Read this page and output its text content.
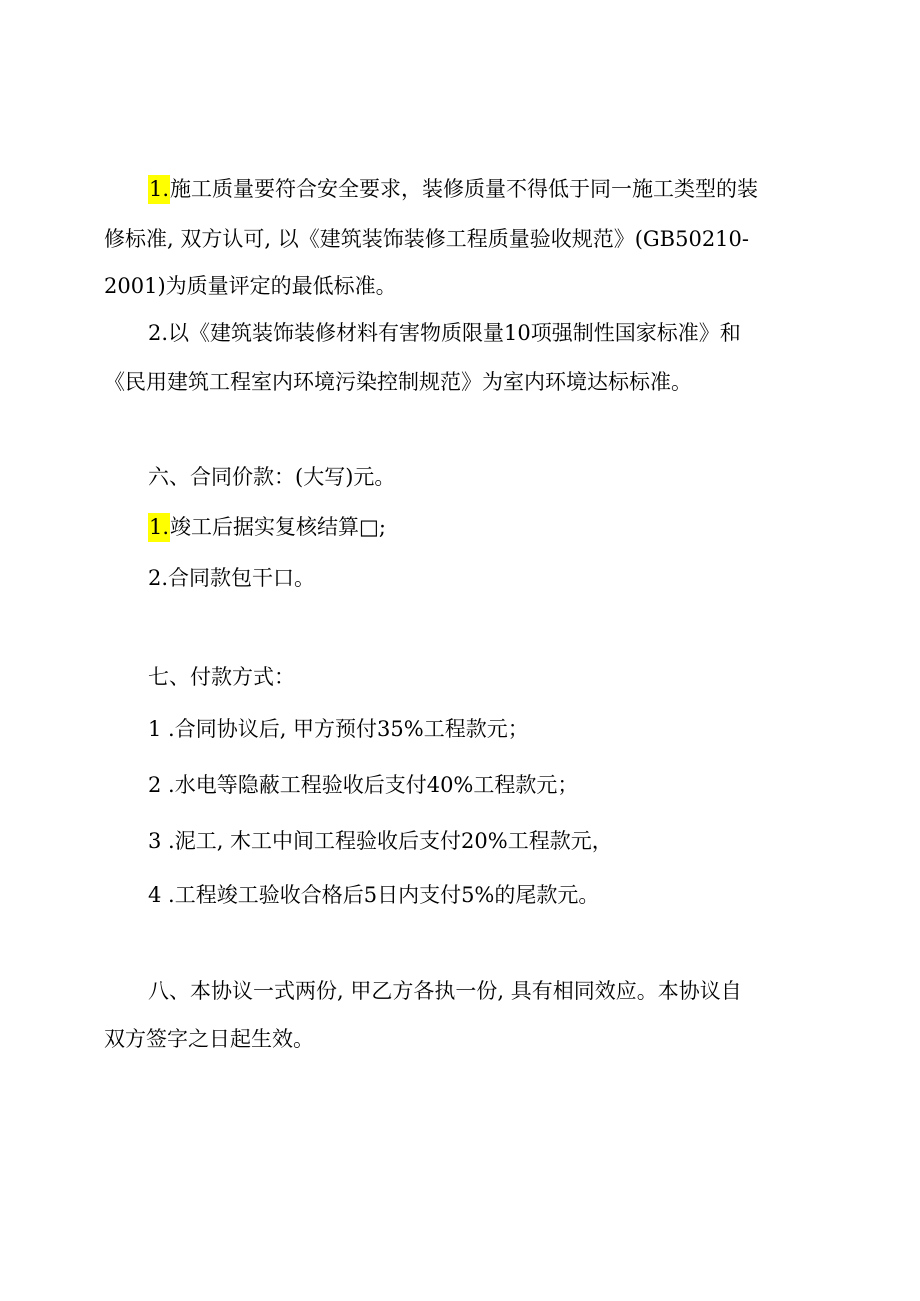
1.施工质量要符合安全要求，装修质量不得低于同一施工类型的装
修标准, 双方认可, 以《建筑装饰装修工程质量验收规范》(GB50210-
2001)为质量评定的最低标准。
2.以《建筑装饰装修材料有害物质限量10项强制性国家标准》和
《民用建筑工程室内环境污染控制规范》为室内环境达标标准。
六、合同价款：(大写)元。
1.竣工后据实复核结算□;
2.合同款包干口。
七、付款方式：
1 .合同协议后, 甲方预付35%工程款元；
2 .水电等隐蔽工程验收后支付40%工程款元；
3 .泥工, 木工中间工程验收后支付20%工程款元，
4 .工程竣工验收合格后5日内支付5%的尾款元。
八、本协议一式两份, 甲乙方各执一份, 具有相同效应。本协议自
双方签字之日起生效。
